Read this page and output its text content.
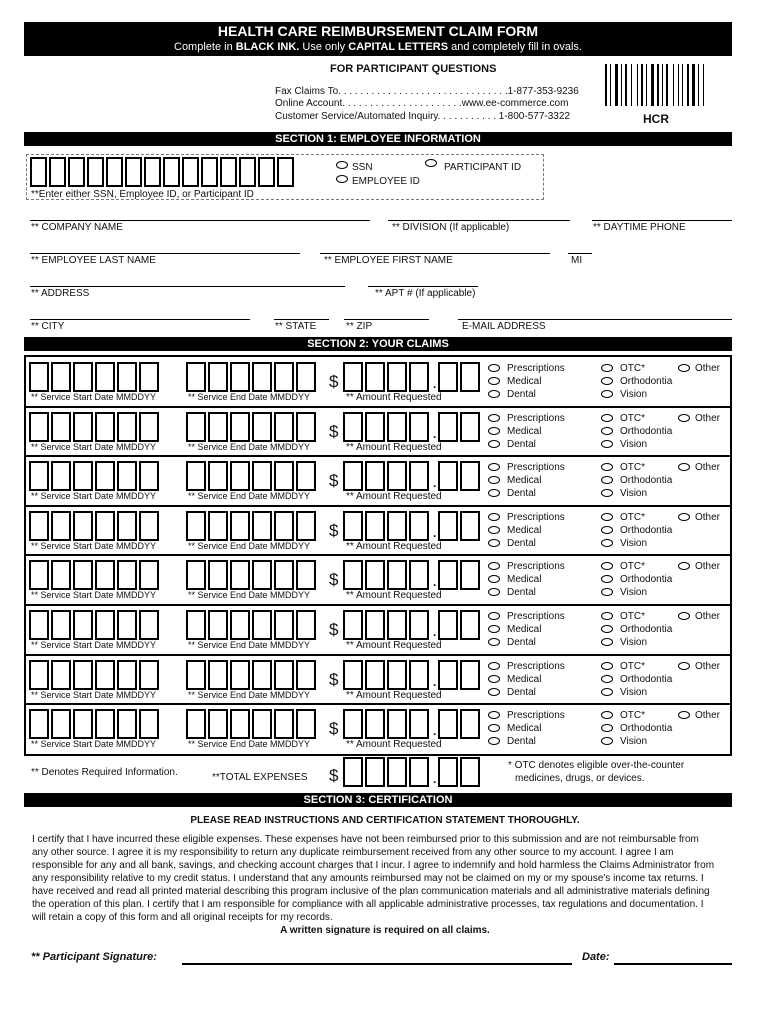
HEALTH CARE REIMBURSEMENT CLAIM FORM
Complete in BLACK INK. Use only CAPITAL LETTERS and completely fill in ovals.
FOR PARTICIPANT QUESTIONS
Fax Claims To. . . . . . . . . . . . . . . . . . . . . . . . . . . . . . .1-877-353-9236
Online Account. . . . . . . . . . . . . . . . . . . . . .www.ee-commerce.com
Customer Service/Automated Inquiry. . . . . . . . . . . 1-800-577-3322	HCR
SECTION 1: EMPLOYEE INFORMATION
SSN	PARTICIPANT ID
EMPLOYEE ID
**Enter either SSN, Employee ID, or Participant ID
** COMPANY NAME	** DIVISION (If applicable)	** DAYTIME PHONE
** EMPLOYEE LAST NAME	** EMPLOYEE FIRST NAME	MI
** ADDRESS	** APT # (If applicable)
** CITY	** STATE	** ZIP	E-MAIL ADDRESS
SECTION 2: YOUR CLAIMS
$	.
** Service Start Date MMDDYY	** Service End Date MMDDYY	** Amount Requested
Prescriptions
Medical
Dental
OTC*
Orthodontia
Vision
Other
$	.
** Service Start Date MMDDYY	** Service End Date MMDDYY	** Amount Requested
Prescriptions
Medical
Dental
OTC*
Orthodontia
Vision
Other
$	.
** Service Start Date MMDDYY	** Service End Date MMDDYY	** Amount Requested
Prescriptions
Medical
Dental
OTC*
Orthodontia
Vision
Other
$	.
** Service Start Date MMDDYY	** Service End Date MMDDYY	** Amount Requested
Prescriptions
Medical
Dental
OTC*
Orthodontia
Vision
Other
$	.
** Service Start Date MMDDYY	** Service End Date MMDDYY	** Amount Requested
Prescriptions
Medical
Dental
OTC*
Orthodontia
Vision
Other
$	.
** Service Start Date MMDDYY	** Service End Date MMDDYY	** Amount Requested
Prescriptions
Medical
Dental
OTC*
Orthodontia
Vision
Other
$	.
** Service Start Date MMDDYY	** Service End Date MMDDYY	** Amount Requested
Prescriptions
Medical
Dental
OTC*
Orthodontia
Vision
Other
$	.
** Service Start Date MMDDYY	** Service End Date MMDDYY	** Amount Requested
Prescriptions
Medical
Dental
OTC*
Orthodontia
Vision
Other
** Denotes Required Information.	**TOTAL EXPENSES $	.
* OTC denotes eligible over-the-counter
medicines, drugs, or devices.
SECTION 3: CERTIFICATION
PLEASE READ INSTRUCTIONS AND CERTIFICATION STATEMENT THOROUGHLY.
I certify that I have incurred these eligible expenses. These expenses have not been reimbursed prior to this submission and are not reimbursable from
any other source. I agree it is my responsibility to return any duplicate reimbursement received from any other source to my account. I agree I am
responsible for any and all bank, savings, and checking account charges that I incur. I agree to indemnify and hold harmless the Claims Administrator from
any responsibility relative to my credit status. I understand that any amounts reimbursed may not be claimed on my or my spouse's income tax returns. I
have received and read all printed material describing this program inclusive of the plan communication materials and all administrative materials defining
the operation of this plan. I certify that I am responsible for compliance with all applicable administrative processes, tax regulations and documentation. I
will retain a copy of this form and all original receipts for my records.
A written signature is required on all claims.
** Participant Signature:	Date:
